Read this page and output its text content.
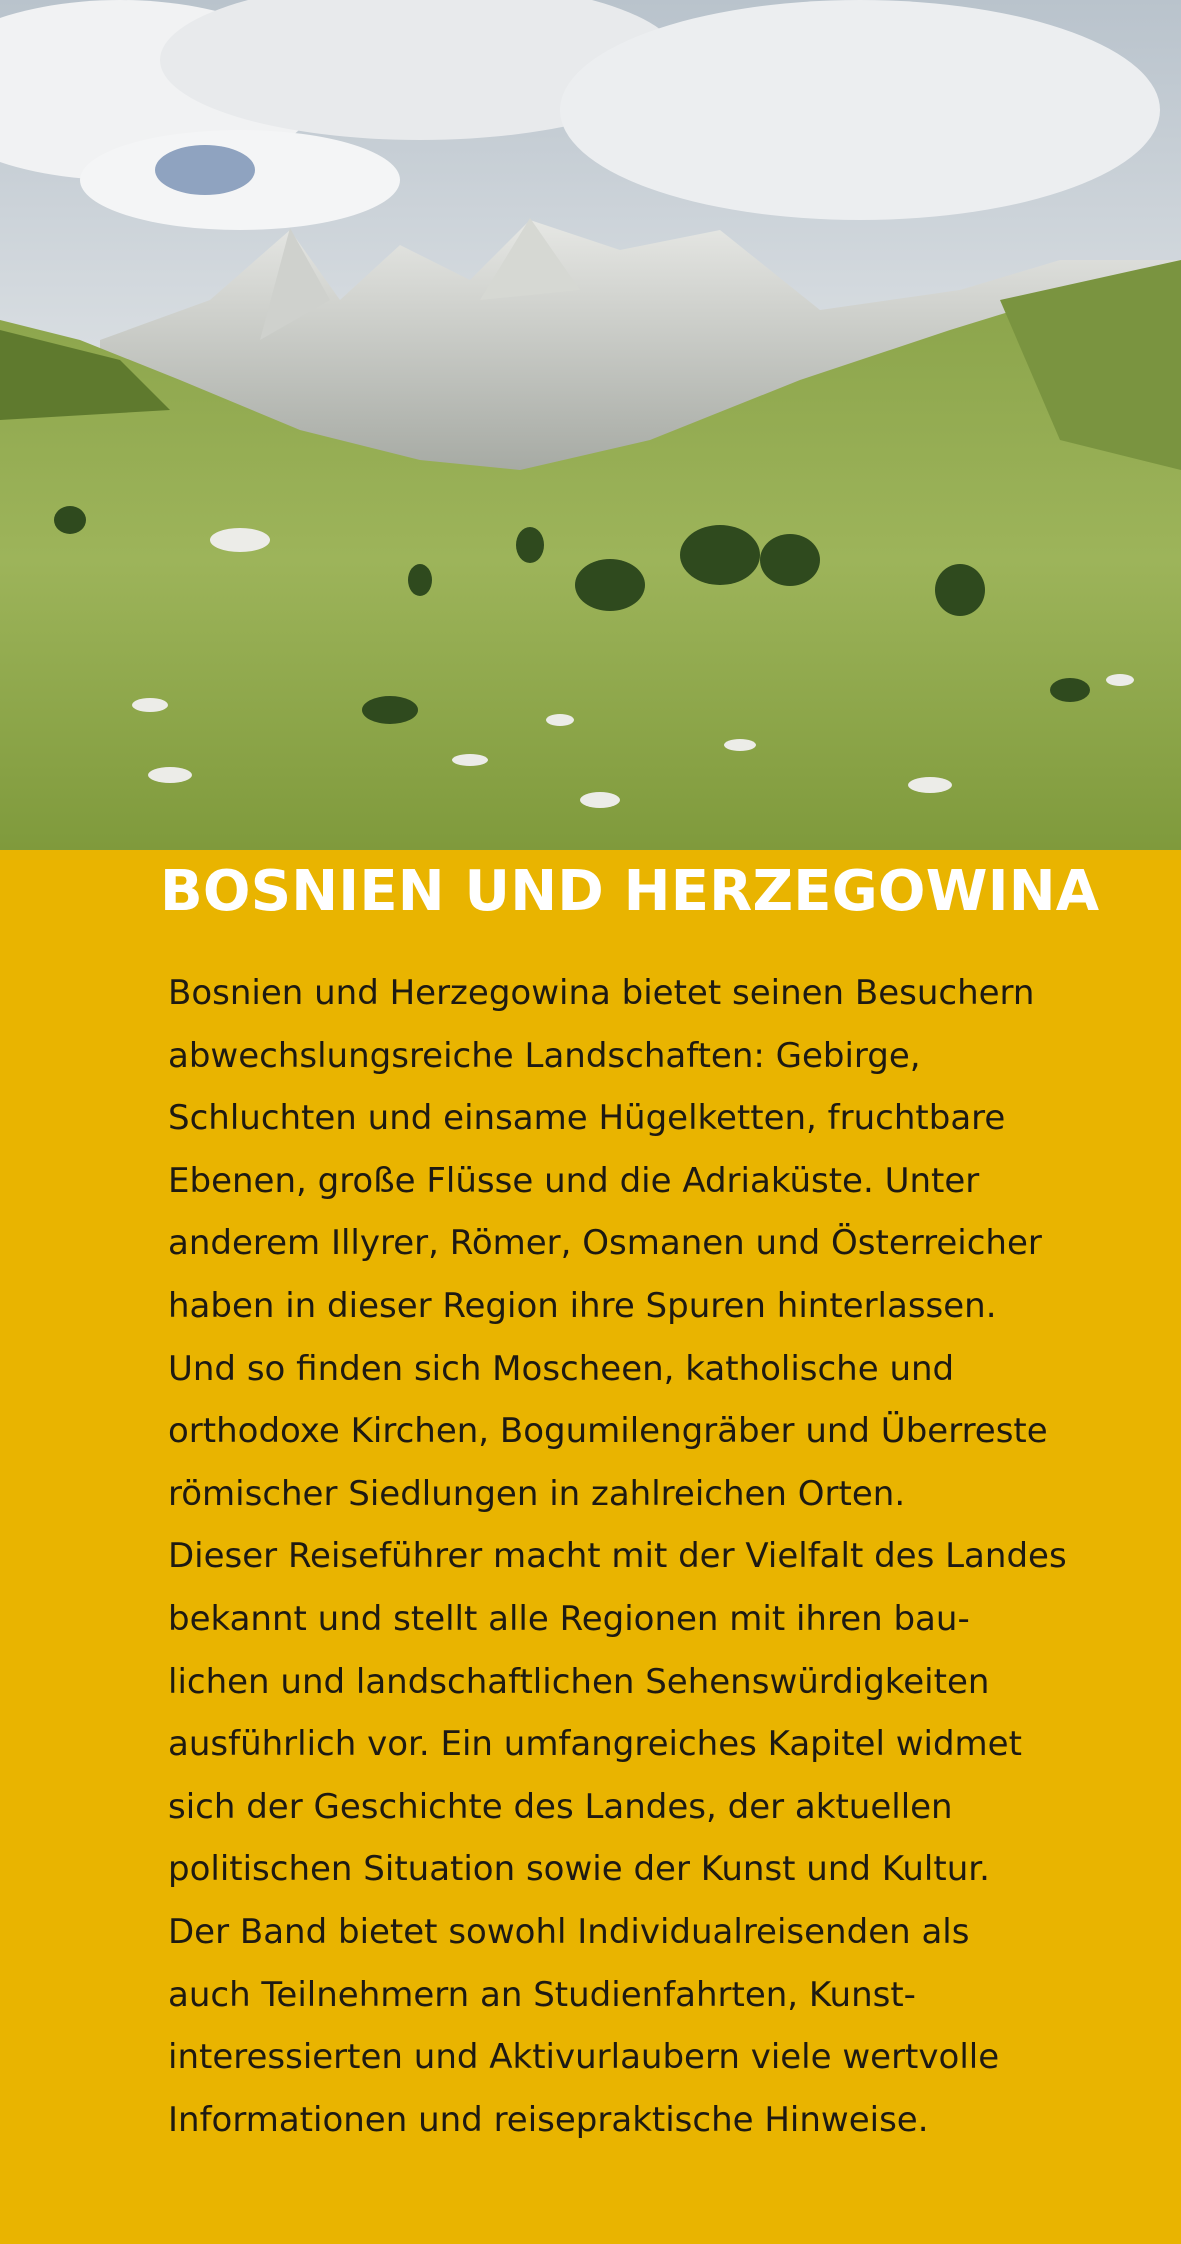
BOSNIEN UND HERZEGOWINA
Bosnien und Herzegowina bietet seinen Besuchern
abwechslungsreiche Landschaften: Gebirge,
Schluchten und einsame Hügelketten, fruchtbare
Ebenen, große Flüsse und die Adriaküste. Unter
anderem Illyrer, Römer, Osmanen und Österreicher
haben in dieser Region ihre Spuren hinterlassen.
Und so finden sich Moscheen, katholische und
orthodoxe Kirchen, Bogumilengräber und Überreste
römischer Siedlungen in zahlreichen Orten.
Dieser Reiseführer macht mit der Vielfalt des Landes
bekannt und stellt alle Regionen mit ihren bau-
lichen und landschaftlichen Sehenswürdigkeiten
ausführlich vor. Ein umfangreiches Kapitel widmet
sich der Geschichte des Landes, der aktuellen
politischen Situation sowie der Kunst und Kultur.
Der Band bietet sowohl Individualreisenden als
auch Teilnehmern an Studienfahrten, Kunst-
interessierten und Aktivurlaubern viele wertvolle
Informationen und reisepraktische Hinweise.
